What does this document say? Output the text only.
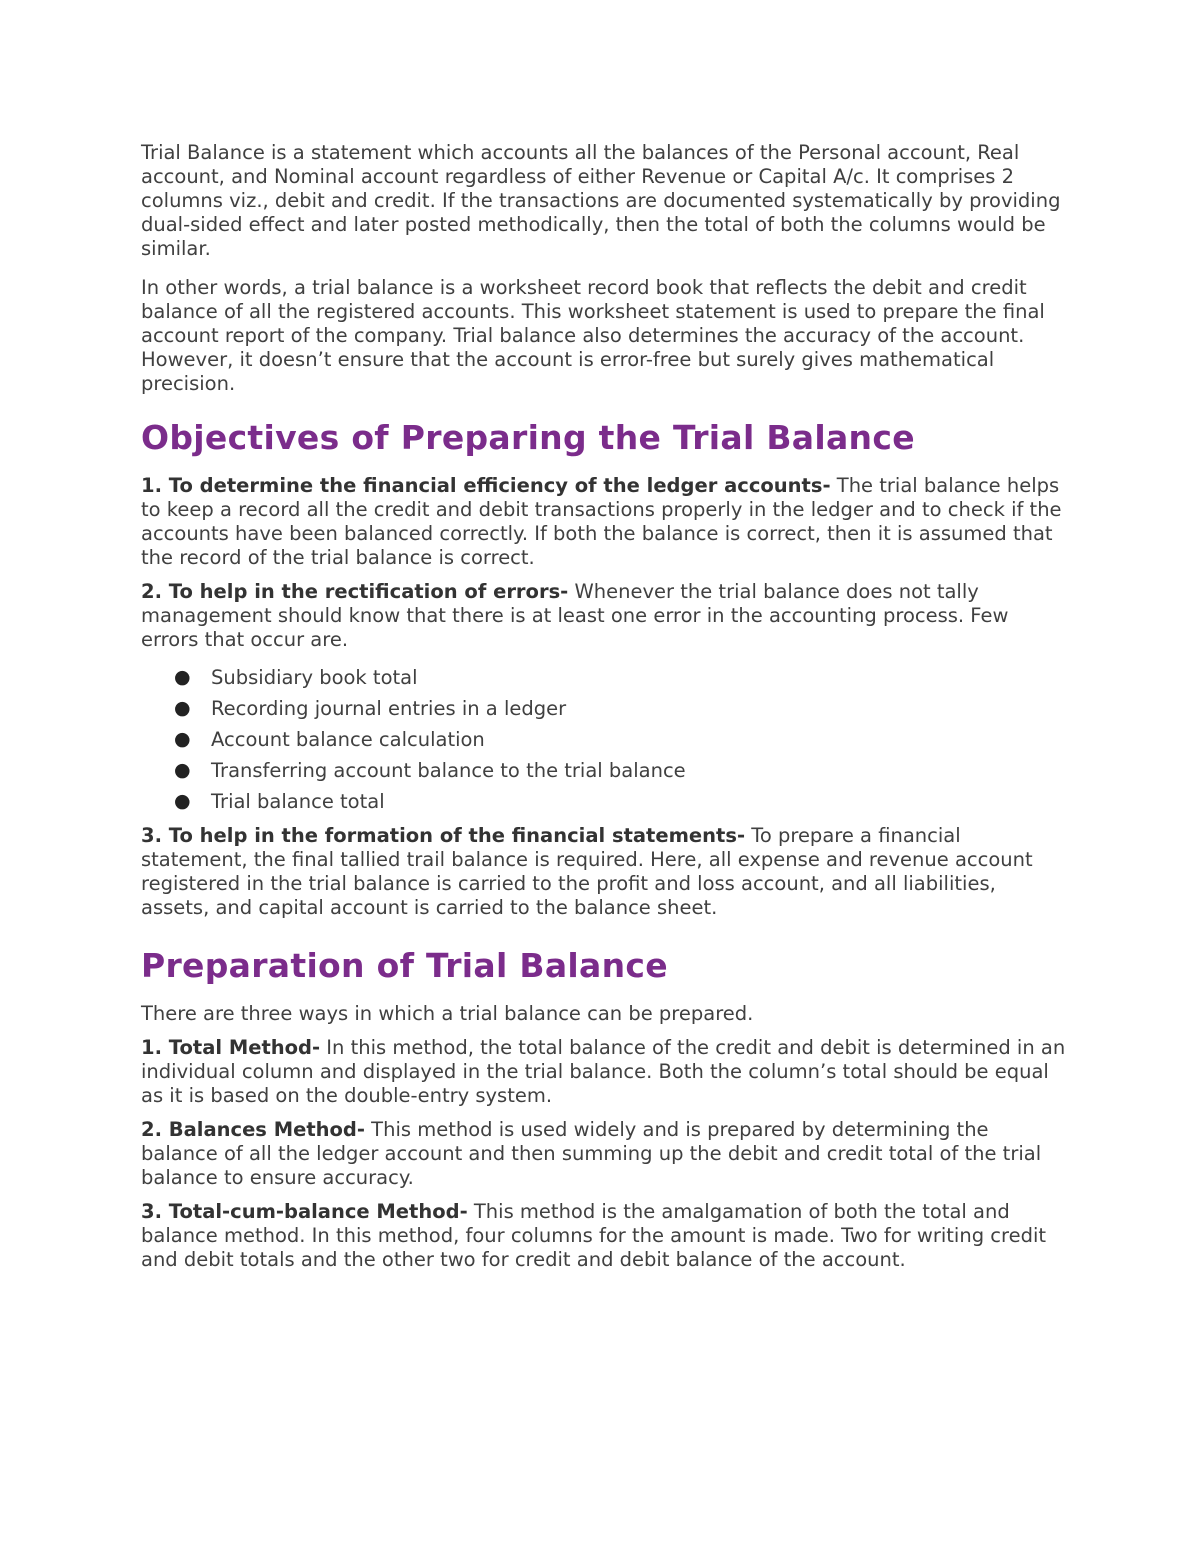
Trial Balance is a statement which accounts all the balances of the Personal account, Real account, and Nominal account regardless of either Revenue or Capital A/c. It comprises 2 columns viz., debit and credit. If the transactions are documented systematically by providing dual-sided effect and later posted methodically, then the total of both the columns would be similar.

In other words, a trial balance is a worksheet record book that reflects the debit and credit balance of all the registered accounts. This worksheet statement is used to prepare the final account report of the company. Trial balance also determines the accuracy of the account. However, it doesn’t ensure that the account is error-free but surely gives mathematical precision.

Objectives of Preparing the Trial Balance

1. To determine the financial efficiency of the ledger accounts- The trial balance helps to keep a record all the credit and debit transactions properly in the ledger and to check if the accounts have been balanced correctly. If both the balance is correct, then it is assumed that the record of the trial balance is correct.

2. To help in the rectification of errors- Whenever the trial balance does not tally management should know that there is at least one error in the accounting process. Few errors that occur are.

● Subsidiary book total
● Recording journal entries in a ledger
● Account balance calculation
● Transferring account balance to the trial balance
● Trial balance total

3. To help in the formation of the financial statements- To prepare a financial statement, the final tallied trail balance is required. Here, all expense and revenue account registered in the trial balance is carried to the profit and loss account, and all liabilities, assets, and capital account is carried to the balance sheet.

Preparation of Trial Balance

There are three ways in which a trial balance can be prepared.

1. Total Method- In this method, the total balance of the credit and debit is determined in an individual column and displayed in the trial balance. Both the column’s total should be equal as it is based on the double-entry system.

2. Balances Method- This method is used widely and is prepared by determining the balance of all the ledger account and then summing up the debit and credit total of the trial balance to ensure accuracy.

3. Total-cum-balance Method- This method is the amalgamation of both the total and balance method. In this method, four columns for the amount is made. Two for writing credit and debit totals and the other two for credit and debit balance of the account.
